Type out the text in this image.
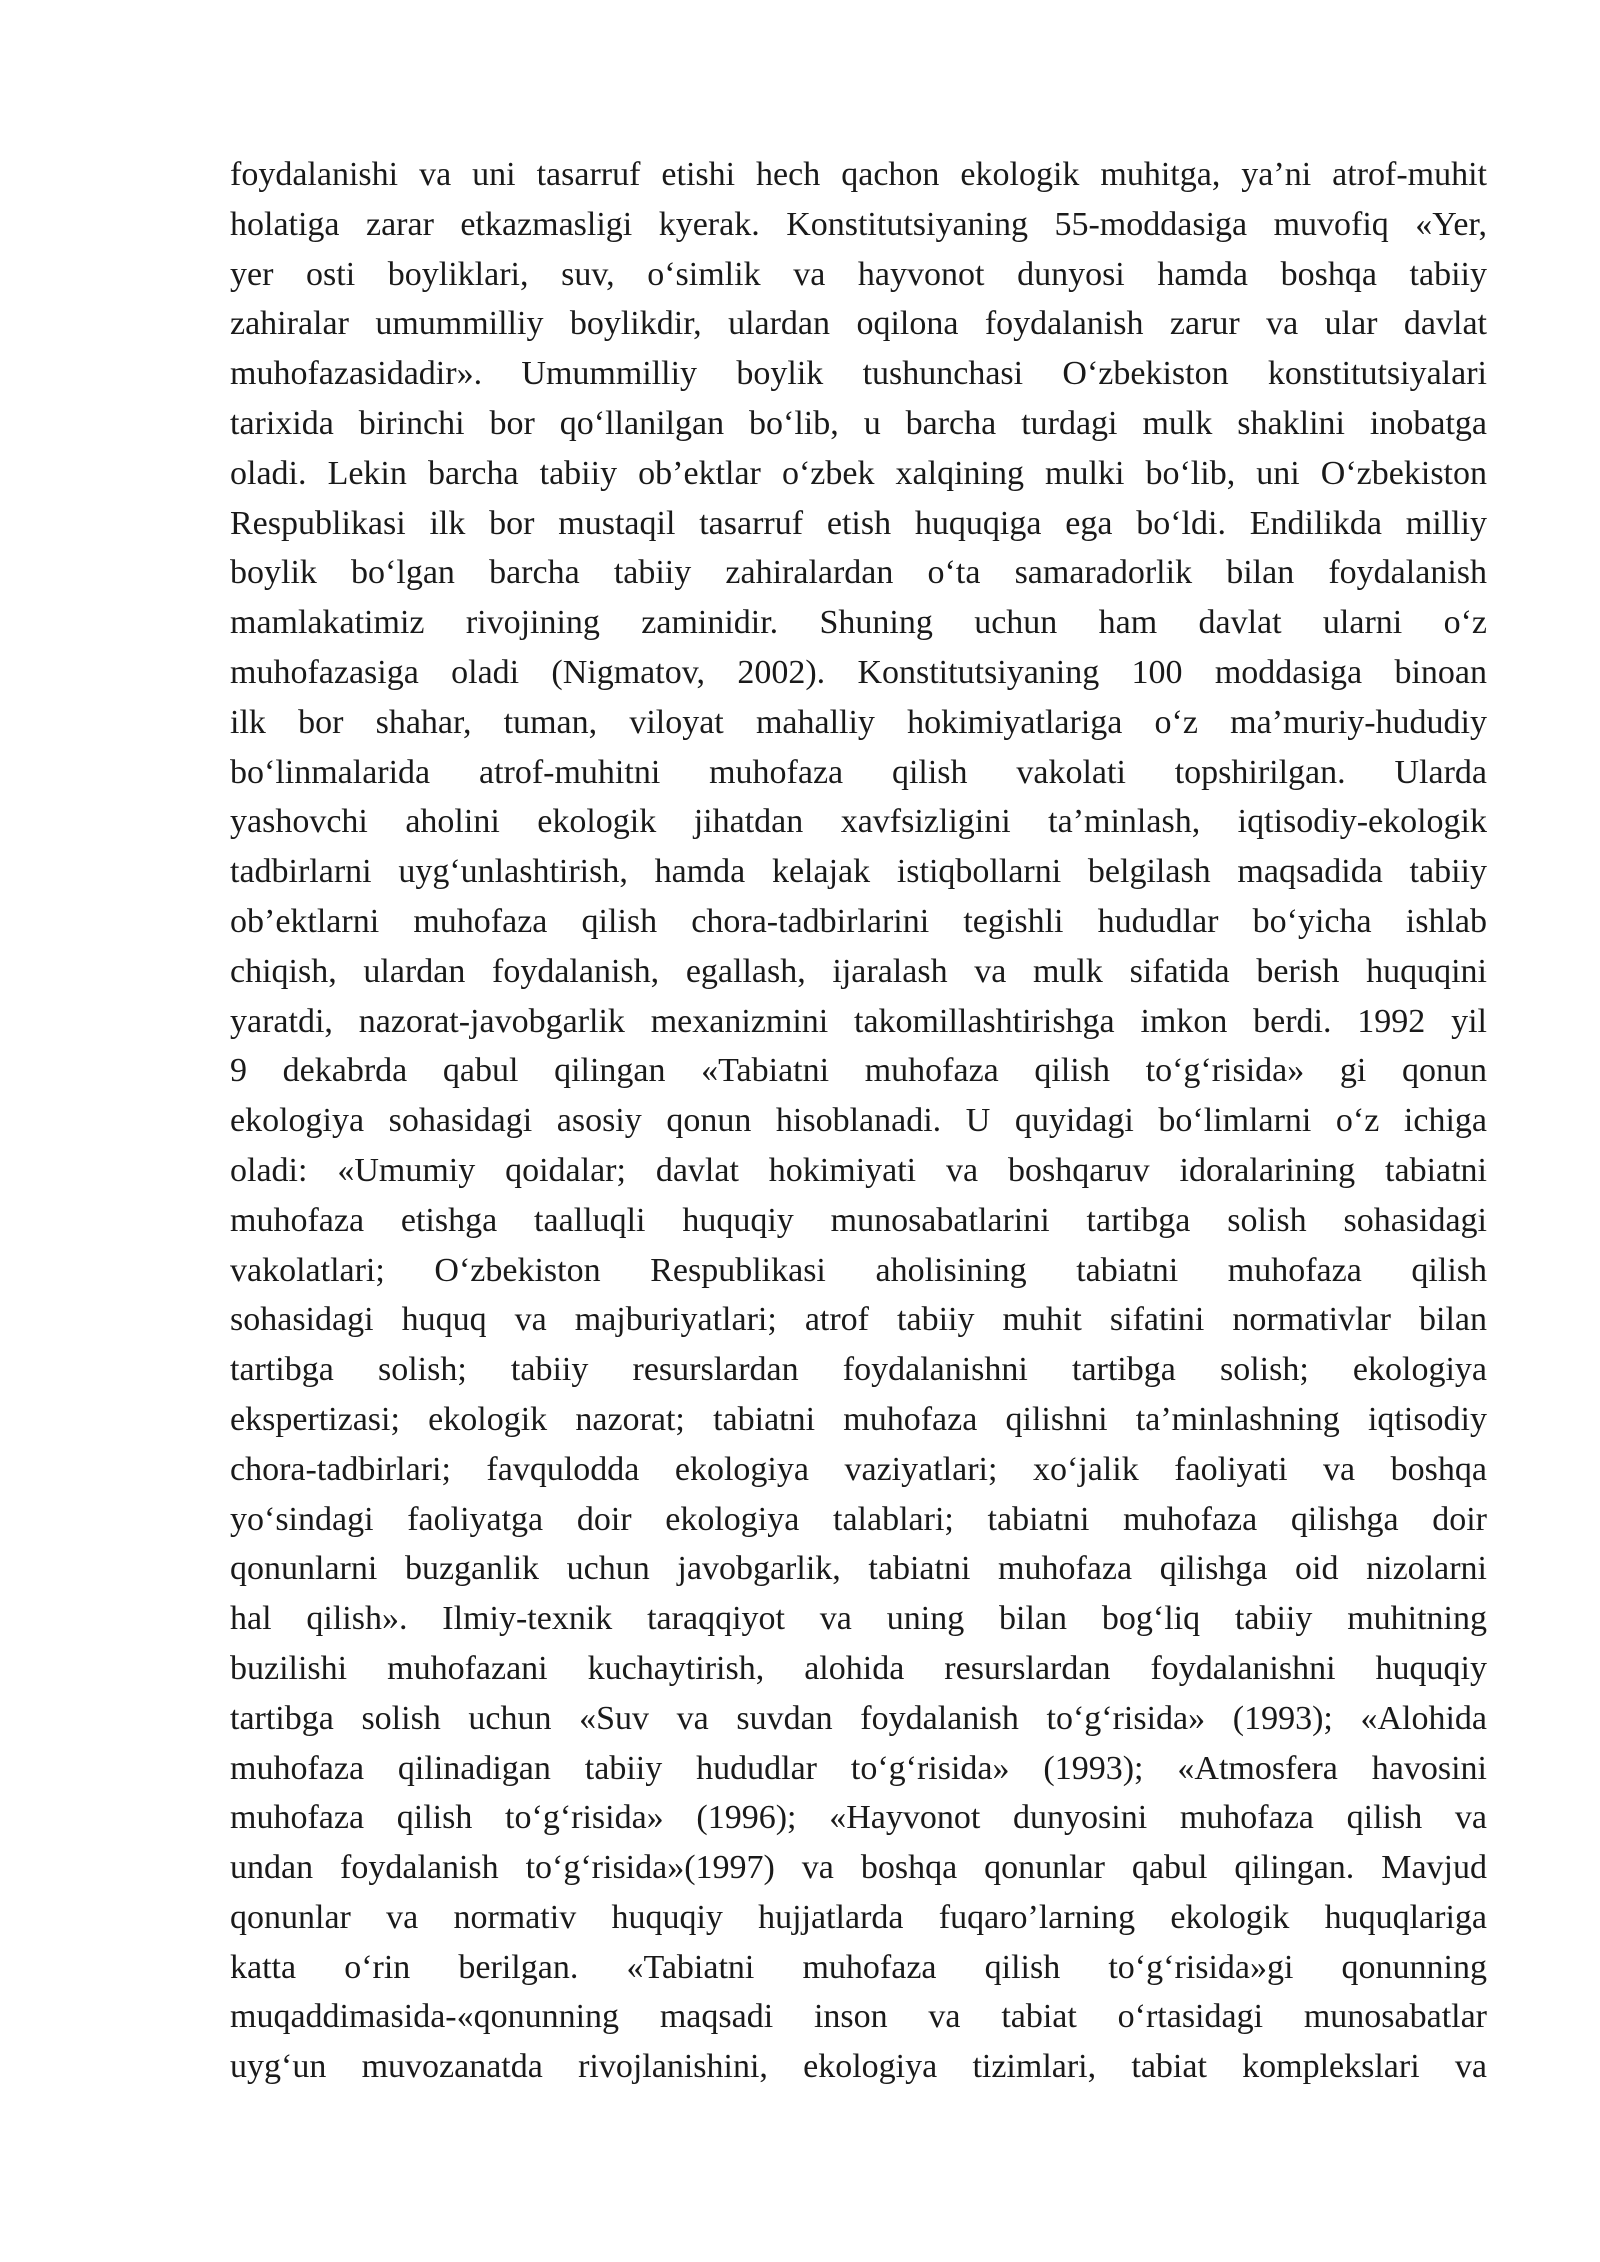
foydalanishi va uni tasarruf etishi hech qachon ekologik muhitga, ya’ni atrof-muhit
holatiga zarar etkazmasligi kyerak. Konstitutsiyaning 55-moddasiga muvofiq «Yer,
yer osti boyliklari, suv, o‘simlik va hayvonot dunyosi hamda boshqa tabiiy
zahiralar umummilliy boylikdir, ulardan oqilona foydalanish zarur va ular davlat
muhofazasidadir». Umummilliy boylik tushunchasi O‘zbekiston konstitutsiyalari
tarixida birinchi bor qo‘llanilgan bo‘lib, u barcha turdagi mulk shaklini inobatga
oladi. Lekin barcha tabiiy ob’ektlar o‘zbek xalqining mulki bo‘lib, uni O‘zbekiston
Respublikasi ilk bor mustaqil tasarruf etish huquqiga ega bo‘ldi. Endilikda milliy
boylik bo‘lgan barcha tabiiy zahiralardan o‘ta samaradorlik bilan foydalanish
mamlakatimiz rivojining zaminidir. Shuning uchun ham davlat ularni o‘z
muhofazasiga oladi (Nigmatov, 2002). Konstitutsiyaning 100 moddasiga binoan
ilk bor shahar, tuman, viloyat mahalliy hokimiyatlariga o‘z ma’muriy-hududiy
bo‘linmalarida atrof-muhitni muhofaza qilish vakolati topshirilgan. Ularda
yashovchi aholini ekologik jihatdan xavfsizligini ta’minlash, iqtisodiy-ekologik
tadbirlarni uyg‘unlashtirish, hamda kelajak istiqbollarni belgilash maqsadida tabiiy
ob’ektlarni muhofaza qilish chora-tadbirlarini tegishli hududlar bo‘yicha ishlab
chiqish, ulardan foydalanish, egallash, ijaralash va mulk sifatida berish huquqini
yaratdi, nazorat-javobgarlik mexanizmini takomillashtirishga imkon berdi. 1992 yil
9 dekabrda qabul qilingan «Tabiatni muhofaza qilish to‘g‘risida» gi qonun
ekologiya sohasidagi asosiy qonun hisoblanadi. U quyidagi bo‘limlarni o‘z ichiga
oladi: «Umumiy qoidalar; davlat hokimiyati va boshqaruv idoralarining tabiatni
muhofaza etishga taalluqli huquqiy munosabatlarini tartibga solish sohasidagi
vakolatlari; O‘zbekiston Respublikasi aholisining tabiatni muhofaza qilish
sohasidagi huquq va majburiyatlari; atrof tabiiy muhit sifatini normativlar bilan
tartibga solish; tabiiy resurslardan foydalanishni tartibga solish; ekologiya
ekspertizasi; ekologik nazorat; tabiatni muhofaza qilishni ta’minlashning iqtisodiy
chora-tadbirlari; favqulodda ekologiya vaziyatlari; xo‘jalik faoliyati va boshqa
yo‘sindagi faoliyatga doir ekologiya talablari; tabiatni muhofaza qilishga doir
qonunlarni buzganlik uchun javobgarlik, tabiatni muhofaza qilishga oid nizolarni
hal qilish». Ilmiy-texnik taraqqiyot va uning bilan bog‘liq tabiiy muhitning
buzilishi muhofazani kuchaytirish, alohida resurslardan foydalanishni huquqiy
tartibga solish uchun «Suv va suvdan foydalanish to‘g‘risida» (1993); «Alohida
muhofaza qilinadigan tabiiy hududlar to‘g‘risida» (1993); «Atmosfera havosini
muhofaza qilish to‘g‘risida» (1996); «Hayvonot dunyosini muhofaza qilish va
undan foydalanish to‘g‘risida»(1997) va boshqa qonunlar qabul qilingan. Mavjud
qonunlar va normativ huquqiy hujjatlarda fuqaro’larning ekologik huquqlariga
katta o‘rin berilgan. «Tabiatni muhofaza qilish to‘g‘risida»gi qonunning
muqaddimasida-«qonunning maqsadi inson va tabiat o‘rtasidagi munosabatlar
uyg‘un muvozanatda rivojlanishini, ekologiya tizimlari, tabiat komplekslari va
